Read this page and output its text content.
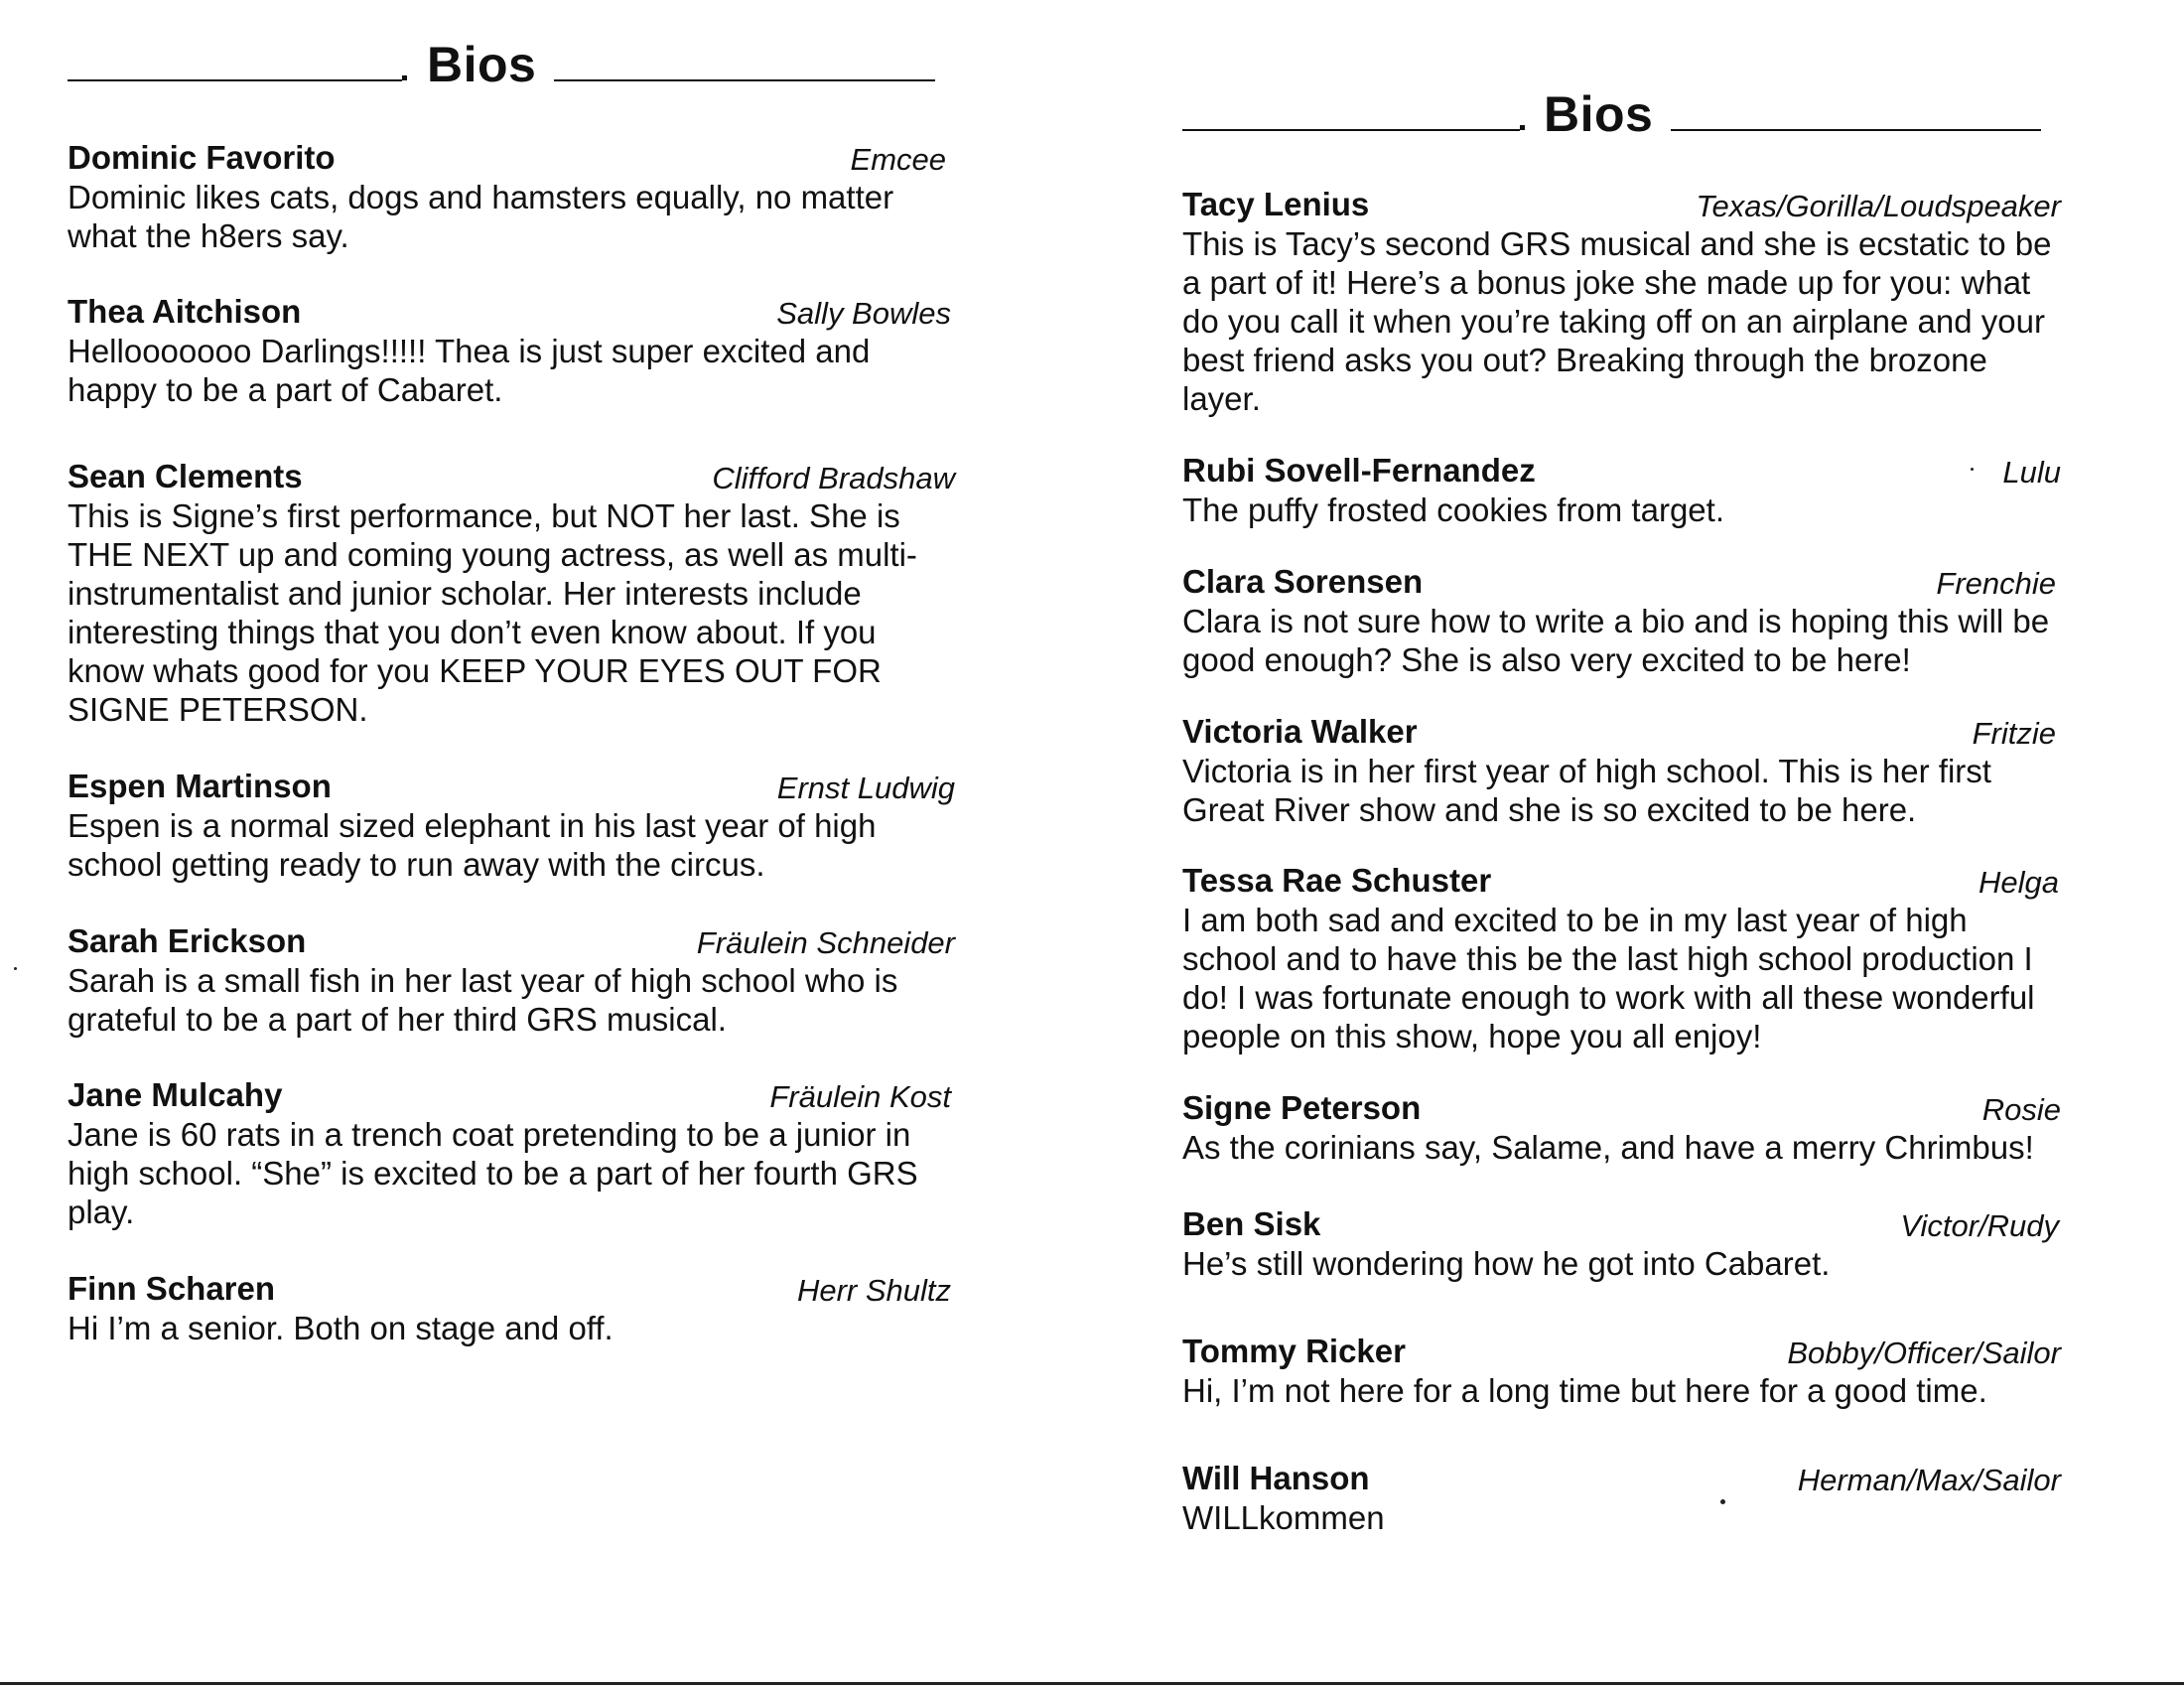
Bios
Dominic Favorito	Emcee

Dominic likes cats, dogs and hamsters equally, no matter what the h8ers say.

Thea Aitchison	Sally Bowles

Hellooooooo Darlings!!!!! Thea is just super excited and happy to be a part of Cabaret.

Sean Clements	Clifford Bradshaw

This is Signe’s first performance, but NOT her last. She is THE NEXT up and coming young actress, as well as multi-instrumentalist and junior scholar. Her interests include interesting things that you don’t even know about. If you know whats good for you KEEP YOUR EYES OUT FOR SIGNE PETERSON.

Espen Martinson	Ernst Ludwig

Espen is a normal sized elephant in his last year of high school getting ready to run away with the circus.

Sarah Erickson	Fräulein Schneider

Sarah is a small fish in her last year of high school who is grateful to be a part of her third GRS musical.

Jane Mulcahy	Fräulein Kost

Jane is 60 rats in a trench coat pretending to be a junior in high school. “She” is excited to be a part of her fourth GRS play.

Finn Scharen	Herr Shultz

Hi I’m a senior. Both on stage and off.

Bios
Tacy Lenius	Texas/Gorilla/Loudspeaker

This is Tacy’s second GRS musical and she is ecstatic to be a part of it! Here’s a bonus joke she made up for you: what do you call it when you’re taking off on an airplane and your best friend asks you out? Breaking through the brozone layer.

Rubi Sovell-Fernandez	Lulu

The puffy frosted cookies from target.

Clara Sorensen	Frenchie

Clara is not sure how to write a bio and is hoping this will be good enough? She is also very excited to be here!

Victoria Walker	Fritzie

Victoria is in her first year of high school. This is her first Great River show and she is so excited to be here.

Tessa Rae Schuster	Helga

I am both sad and excited to be in my last year of high school and to have this be the last high school production I do! I was fortunate enough to work with all these wonderful people on this show, hope you all enjoy!

Signe Peterson	Rosie

As the corinians say, Salame, and have a merry Chrimbus!

Ben Sisk	Victor/Rudy

He’s still wondering how he got into Cabaret.

Tommy Ricker	Bobby/Officer/Sailor

Hi, I’m not here for a long time but here for a good time.

Will Hanson	Herman/Max/Sailor

WILLkommen
